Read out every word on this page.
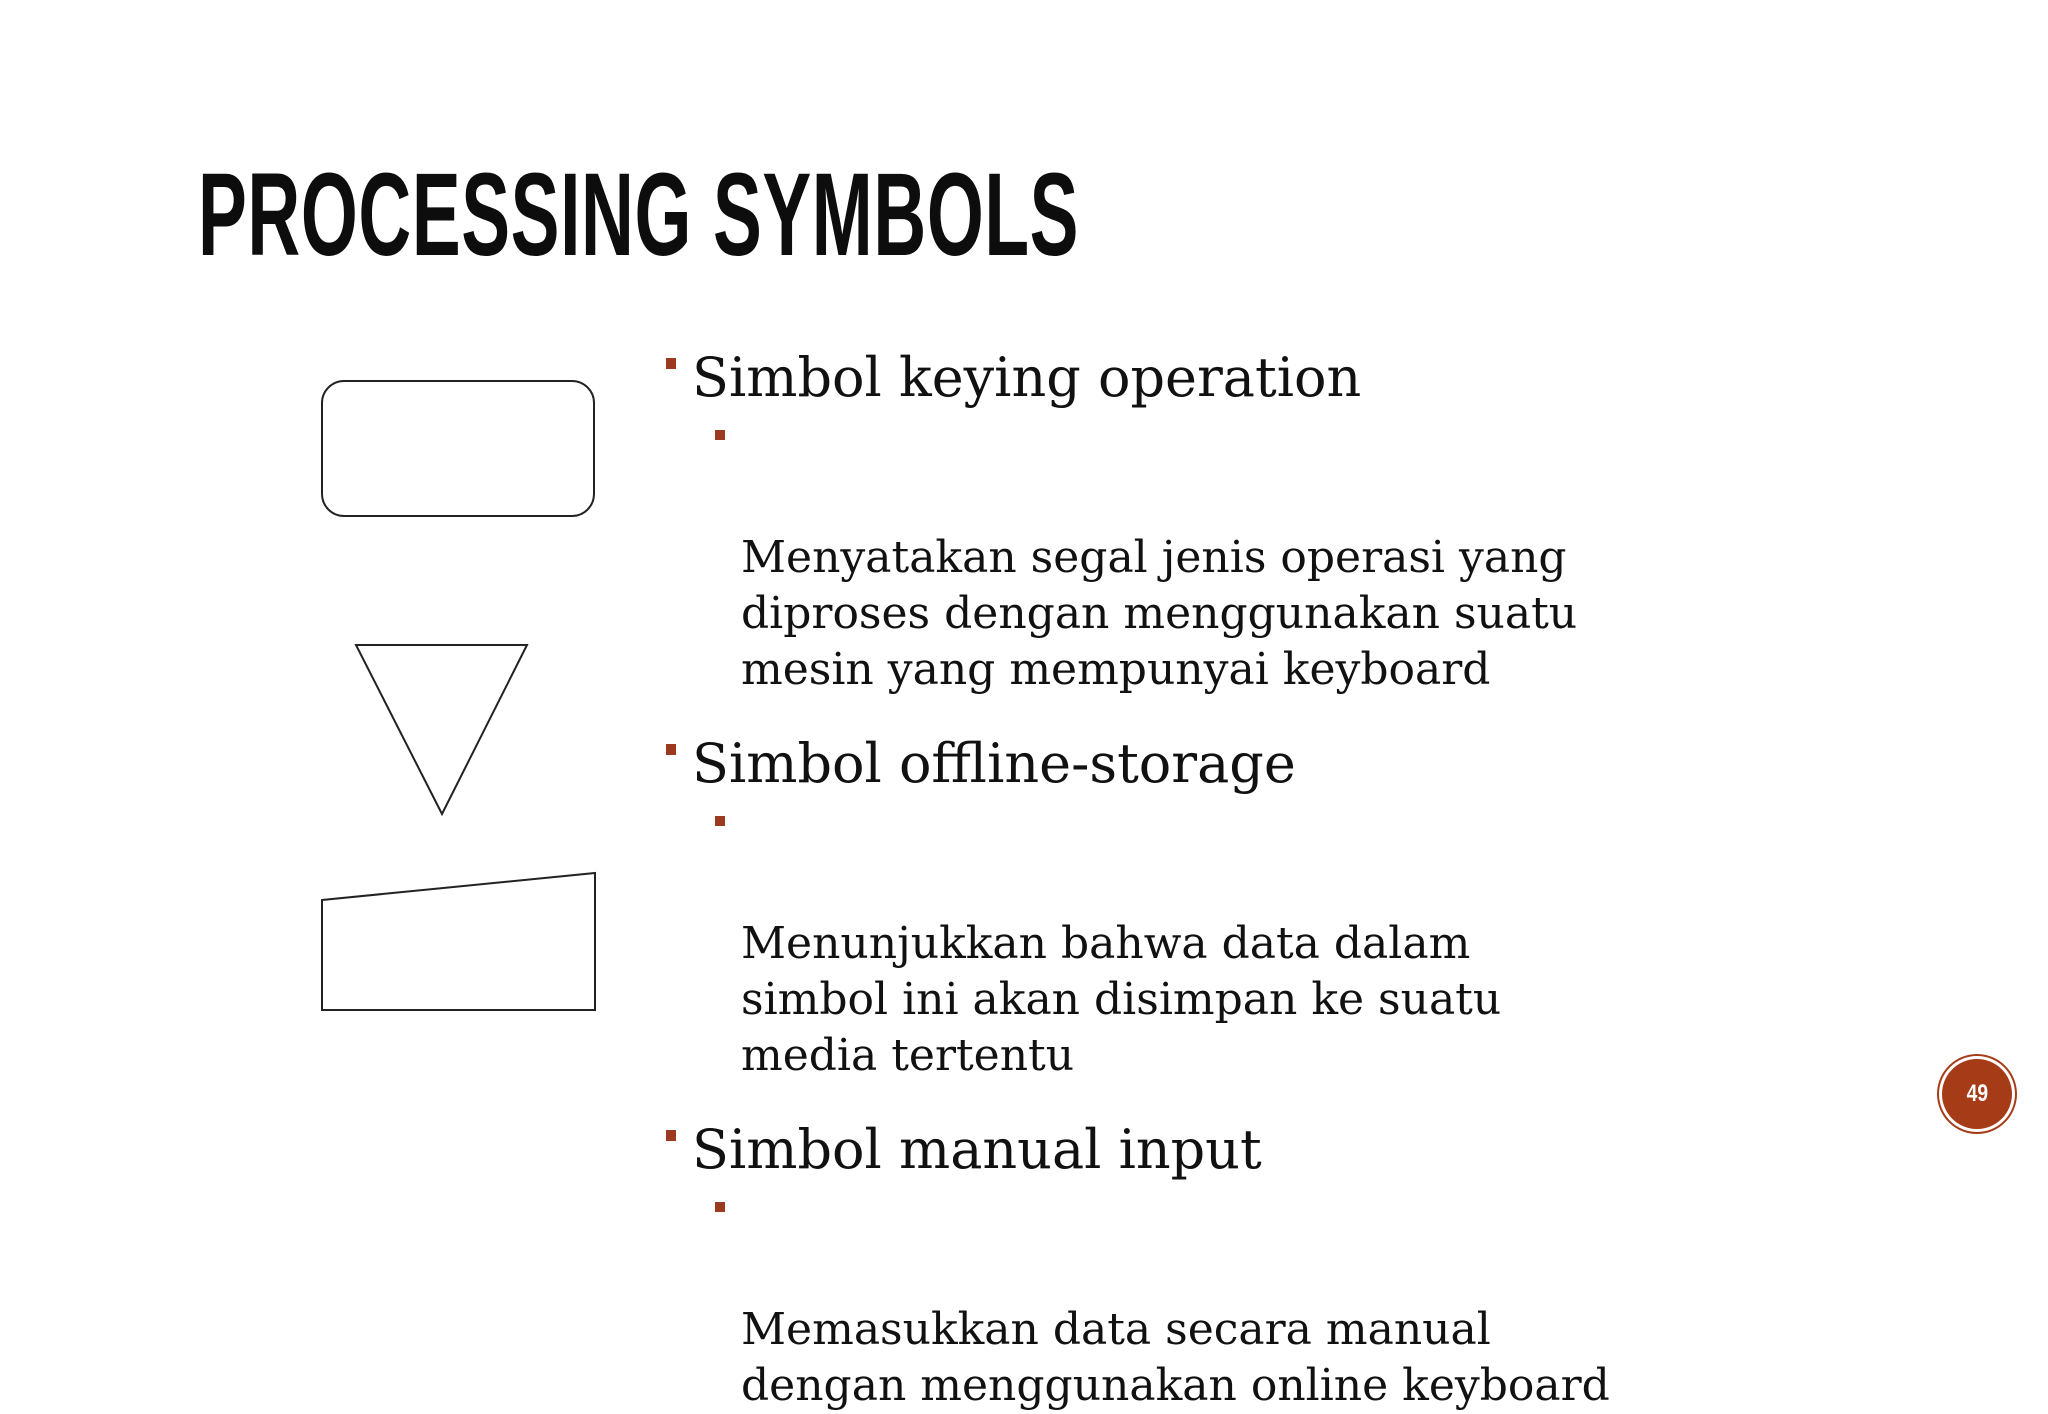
PROCESSING SYMBOLS
Simbol keying operation

Menyatakan segal jenis operasi yang
diproses dengan menggunakan suatu
mesin yang mempunyai keyboard

Simbol offline-storage

Menunjukkan bahwa data dalam
simbol ini akan disimpan ke suatu
media tertentu

Simbol manual input

Memasukkan data secara manual
dengan menggunakan online keyboard

49
